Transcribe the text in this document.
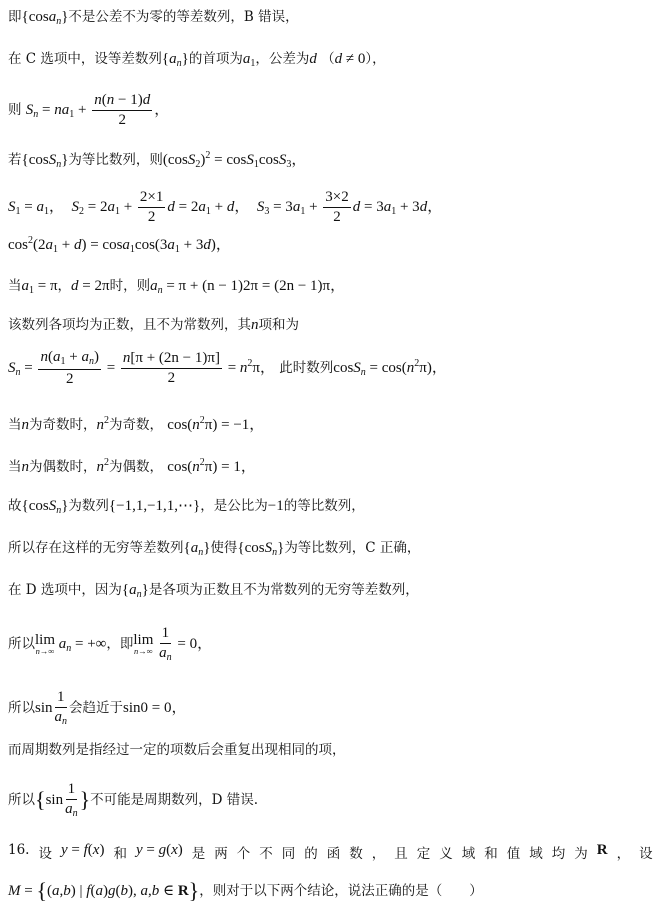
即{cosa$_n$}不是公差不为零的等差数列，B 错误，
在 C 选项中，设等差数列$\{a_n\}$的首项为$a_1$，公差为d （d ≠ 0），
则 $S_n = na_1 + \frac{n(n - 1)d}{2}$ ，
若{cosS$_n$}为等比数列，则$(\cos S_2)^2 = \cos S_1\cos S_3$，
$S_1 = a_1$，  $S_2 = 2a_1 + \frac{2\times 1}{2}$ $d = 2a_1 + d$，  $S_3 = 3a_1 + \frac{3\times 2}{2}$ $d = 3a_1 + 3d$，
$\cos^2(2a_1 + d) = \cos a_1\cos(3a_1 + 3d)$，
当$a_1 = \pi$，d = 2π时，则$a_n = \pi + (n - 1)2\pi = (2n - 1)\pi$，
该数列各项均为正数，且不为常数列，其n项和为
$S_n = \frac{n(a_1 + a_n)}{2} = \frac{n[\pi + (2n - 1)\pi]}{2} = n^2\pi$， 此时数列$\cos S_n = \cos(n^2\pi)$，
当n为奇数时，$n^2$为奇数， $\cos(n^2\pi) = -1$，
当n为偶数时，$n^2$为偶数， $\cos(n^2\pi) = 1$，
故{cosS$_n$}为数列{−1,1,−1,1,⋯}，是公比为−1的等比数列，
所以存在这样的无穷等差数列$\{a_n\}$使得{cosS$_n$}为等比数列，C 正确，
在 D 选项中，因为$\{a_n\}$是各项为正数且不为常数列的无穷等差数列，
所以 lim
n→∞ $a_n$ = +∞，即 lim
n→∞
$\frac{1}{a_n} = 0$，
所以$\sin \frac{1}{a_n}$ 会趋近于sin0 = 0，
而周期数列是指经过一定的项数后会重复出现相同的项，
所以{$\sin \frac{1}{a_n}$ }不可能是周期数列，D 错误.
16. 设 y = f(x) 和 y = g(x) 是 两 个 不 同 的 函 数 ， 且 定 义 域 和 值 域 均 为 R ， 设
M = {(a,b) | f(a)g(b), a,b ∈ R}，则对于以下两个结论，说法正确的是（　　）
